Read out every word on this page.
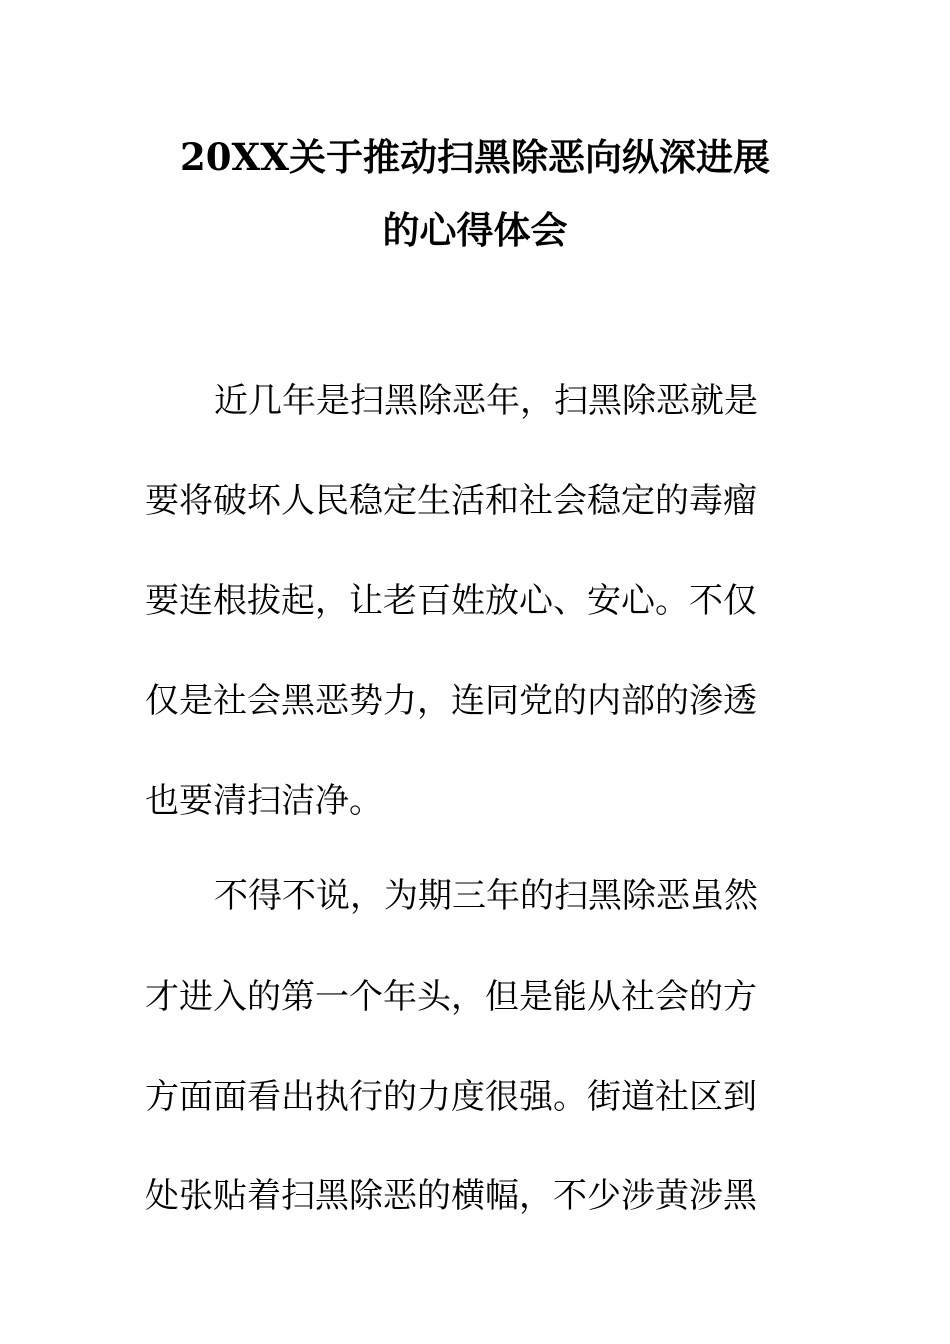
20XX关于推动扫黑除恶向纵深进展
的心得体会

近几年是扫黑除恶年，扫黑除恶就是

要将破坏人民稳定生活和社会稳定的毒瘤

要连根拔起，让老百姓放心、安心。不仅

仅是社会黑恶势力，连同党的内部的渗透

也要清扫洁净。

不得不说，为期三年的扫黑除恶虽然

才进入的第一个年头，但是能从社会的方

方面面看出执行的力度很强。街道社区到

处张贴着扫黑除恶的横幅，不少涉黄涉黑
